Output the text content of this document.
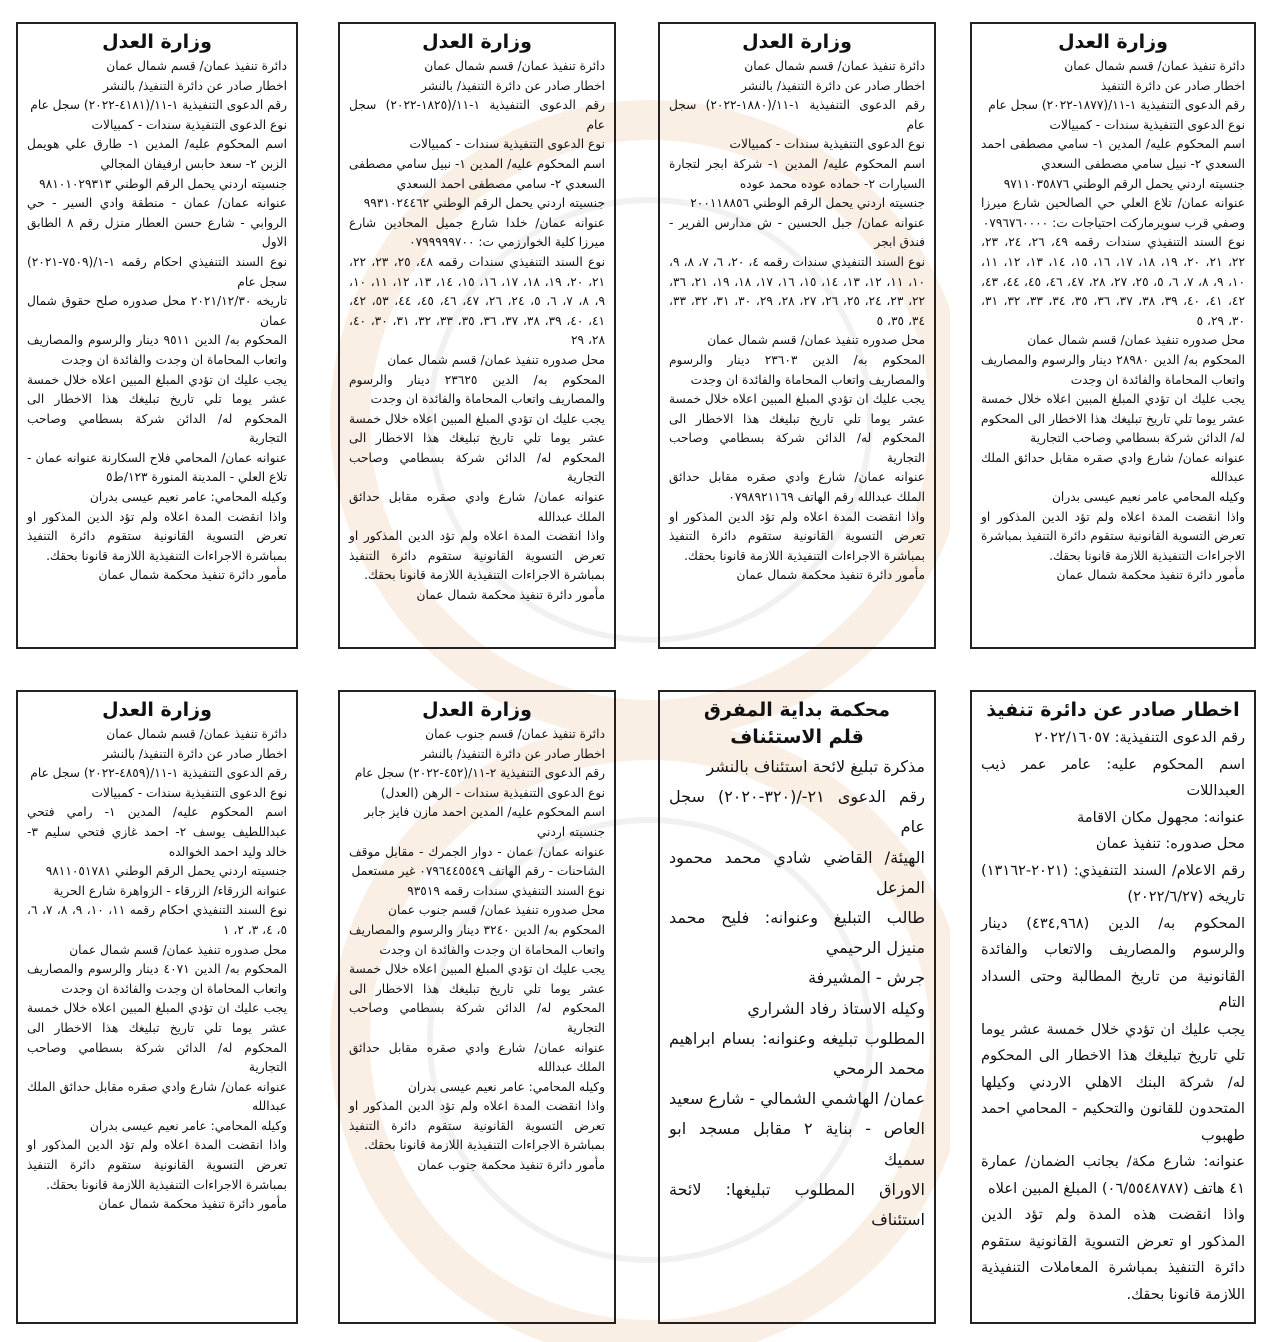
وزارة العدل
دائرة تنفيذ عمان/ قسم شمال عمان
اخطار صادر عن دائرة التنفيذ
رقم الدعوى التنفيذية ١-١١/(١٨٧٧-٢٠٢٢) سجل عام
نوع الدعوى التنفيذية سندات - كمبيالات
اسم المحكوم عليه/ المدين ١- سامي مصطفى احمد السعدي ٢- نبيل سامي مصطفى السعدي
جنسيته اردني يحمل الرقم الوطني ٩٧١١٠٣٥٨٧٦
عنوانه عمان/ تلاع العلي حي الصالحين شارع ميرزا وصفي قرب سويرماركت احتياجات ت: ٠٧٩٦٧٦٠٠٠٠
نوع السند التنفيذي سندات رقمه ٤٩، ٢٦، ٢٤، ٢٣، ٢٢، ٢١، ٢٠، ١٩، ١٨، ١٧، ١٦، ١٥، ١٤، ١٣، ١٢، ١١، ١٠، ٩، ٨، ٧، ٦، ٥، ٢٥، ٢٧، ٢٨، ٤٧، ٤٦، ٤٥، ٤٤، ٤٣، ٤٢، ٤١، ٤٠، ٣٩، ٣٨، ٣٧، ٣٦، ٣٥، ٣٤، ٣٣، ٣٢، ٣١، ٣٠، ٢٩، ٥
محل صدوره تنفيذ عمان/ قسم شمال عمان
المحكوم به/ الدين ٢٨٩٨٠ دينار والرسوم والمصاريف واتعاب المحاماة والفائدة ان وجدت
يجب عليك ان تؤدي المبلغ المبين اعلاه خلال خمسة عشر يوما تلي تاريخ تبليغك هذا الاخطار الى المحكوم له/ الدائن شركة بسطامي وصاحب التجارية
عنوانه عمان/ شارع وادي صقره مقابل حدائق الملك عبدالله
وكيله المحامي عامر نعيم عيسى بدران
واذا انقضت المدة اعلاه ولم تؤد الدين المذكور او تعرض التسوية القانونية ستقوم دائرة التنفيذ بمباشرة الاجراءات التنفيذية اللازمة قانونا بحقك.
مأمور دائرة تنفيذ محكمة شمال عمان
وزارة العدل
دائرة تنفيذ عمان/ قسم شمال عمان
اخطار صادر عن دائرة التنفيذ/ بالنشر
رقم الدعوى التنفيذية ١-١١/(١٨٨٠-٢٠٢٢) سجل عام
نوع الدعوى التنفيذية سندات - كمبيالات
اسم المحكوم عليه/ المدين ١- شركة ابجر لتجارة السيارات ٢- حماده عوده محمد عوده
جنسيته اردني يحمل الرقم الوطني ٢٠٠١١٨٨٥٦
عنوانه عمان/ جبل الحسين - ش مدارس الفرير - فندق ابجر
نوع السند التنفيذي سندات رقمه ٤، ٢٠، ٦، ٧، ٨، ٩، ١٠، ١١، ١٢، ١٣، ١٤، ١٥، ١٦، ١٧، ١٨، ١٩، ٢١، ٣٦، ٢٢، ٢٣، ٢٤، ٢٥، ٢٦، ٢٧، ٢٨، ٢٩، ٣٠، ٣١، ٣٢، ٣٣، ٣٤، ٣٥، ٥
محل صدوره تنفيذ عمان/ قسم شمال عمان
المحكوم به/ الدين ٢٣٦٠٣ دينار والرسوم والمصاريف واتعاب المحاماة والفائدة ان وجدت
يجب عليك ان تؤدي المبلغ المبين اعلاه خلال خمسة عشر يوما تلي تاريخ تبليغك هذا الاخطار الى المحكوم له/ الدائن شركة بسطامي وصاحب التجارية
عنوانه عمان/ شارع وادي صقره مقابل حدائق الملك عبدالله رقم الهاتف ٠٧٩٨٩٢١١٦٩
واذا انقضت المدة اعلاه ولم تؤد الدين المذكور او تعرض التسوية القانونية ستقوم دائرة التنفيذ بمباشرة الاجراءات التنفيذية اللازمة قانونا بحقك.
مأمور دائرة تنفيذ محكمة شمال عمان
وزارة العدل
دائرة تنفيذ عمان/ قسم شمال عمان
اخطار صادر عن دائرة التنفيذ/ بالنشر
رقم الدعوى التنفيذية ١-١١/(١٨٢٥-٢٠٢٢) سجل عام
نوع الدعوى التنفيذية سندات - كمبيالات
اسم المحكوم عليه/ المدين ١- نبيل سامي مصطفى السعدي ٢- سامي مصطفى احمد السعدي
جنسيته اردني يحمل الرقم الوطني ٩٩٣١٠٢٤٤٦٢
عنوانه عمان/ خلدا شارع جميل المحادين شارع ميرزا كلية الخوارزمي ت: ٠٧٩٩٩٩٩٧٠٠
نوع السند التنفيذي سندات رقمه ٤٨، ٢٥، ٢٣، ٢٢، ٢١، ٢٠، ١٩، ١٨، ١٧، ١٦، ١٥، ١٤، ١٣، ١٢، ١١، ١٠، ٩، ٨، ٧، ٦، ٥، ٢٤، ٢٦، ٤٧، ٤٦، ٤٥، ٤٤، ٥٣، ٤٢، ٤١، ٤٠، ٣٩، ٣٨، ٣٧، ٣٦، ٣٥، ٣٣، ٣٢، ٣١، ٣٠، ٤٠، ٢٨، ٢٩
محل صدوره تنفيذ عمان/ قسم شمال عمان
المحكوم به/ الدين ٢٣٦٢٥ دينار والرسوم والمصاريف واتعاب المحاماة والفائدة ان وجدت
يجب عليك ان تؤدي المبلغ المبين اعلاه خلال خمسة عشر يوما تلي تاريخ تبليغك هذا الاخطار الى المحكوم له/ الدائن شركة بسطامي وصاحب التجارية
عنوانه عمان/ شارع وادي صقره مقابل حدائق الملك عبدالله
واذا انقضت المدة اعلاه ولم تؤد الدين المذكور او تعرض التسوية القانونية ستقوم دائرة التنفيذ بمباشرة الاجراءات التنفيذية اللازمة قانونا بحقك.
مأمور دائرة تنفيذ محكمة شمال عمان
وزارة العدل
دائرة تنفيذ عمان/ قسم شمال عمان
اخطار صادر عن دائرة التنفيذ/ بالنشر
رقم الدعوى التنفيذية ١-١١/(٤١٨١-٢٠٢٢) سجل عام
نوع الدعوى التنفيذية سندات - كمبيالات
اسم المحكوم عليه/ المدين ١- طارق علي هويمل الزبن ٢- سعد حابس ارفيفان المجالي
جنسيته اردني يحمل الرقم الوطني ٩٨١٠١٠٢٩٣١٣
عنوانه عمان/ عمان - منطقة وادي السير - حي الروابي - شارع حسن العطار منزل رقم ٨ الطابق الاول
نوع السند التنفيذي احكام رقمه ١-١/(٧٥٠٩-٢٠٢١) سجل عام
تاريخه ٢٠٢١/١٢/٣٠ محل صدوره صلح حقوق شمال عمان
المحكوم به/ الدين ٩٥١١ دينار والرسوم والمصاريف واتعاب المحاماة ان وجدت والفائدة ان وجدت
يجب عليك ان تؤدي المبلغ المبين اعلاه خلال خمسة عشر يوما تلي تاريخ تبليغك هذا الاخطار الى المحكوم له/ الدائن شركة بسطامي وصاحب التجارية
عنوانه عمان/ المحامي فلاح السكارنة عنوانه عمان - تلاع العلي - المدينة المنورة ١٢٣/ط٥
وكيله المحامي: عامر نعيم عيسى بدران
واذا انقضت المدة اعلاه ولم تؤد الدين المذكور او تعرض التسوية القانونية ستقوم دائرة التنفيذ بمباشرة الاجراءات التنفيذية اللازمة قانونا بحقك.
مأمور دائرة تنفيذ محكمة شمال عمان
اخطار صادر عن دائرة تنفيذ
رقم الدعوى التنفيذية: ٢٠٢٢/١٦٠٥٧
اسم المحكوم عليه: عامر عمر ذيب العبداللات
عنوانه: مجهول مكان الاقامة
محل صدوره: تنفيذ عمان
رقم الاعلام/ السند التنفيذي: (٢٠٢١-١٣١٦٢) تاريخه (٢٠٢٢/٦/٢٧)
المحكوم به/ الدين (٤٣٤,٩٦٨) دينار والرسوم والمصاريف والاتعاب والفائدة القانونية من تاريخ المطالبة وحتى السداد التام
يجب عليك ان تؤدي خلال خمسة عشر يوما تلي تاريخ تبليغك هذا الاخطار الى المحكوم له/ شركة البنك الاهلي الاردني وكيلها المتحدون للقانون والتحكيم - المحامي احمد طهبوب
عنوانه: شارع مكة/ بجانب الضمان/ عمارة ٤١ هاتف (٠٦/٥٥٤٨٧٨٧) المبلغ المبين اعلاه
واذا انقضت هذه المدة ولم تؤد الدين المذكور او تعرض التسوية القانونية ستقوم دائرة التنفيذ بمباشرة المعاملات التنفيذية اللازمة قانونا بحقك.
محكمة بداية المفرق
قلم الاستئناف
مذكرة تبليغ لائحة استئناف بالنشر
رقم الدعوى ٢١-/(٣٢٠-٢٠٢٠) سجل عام
الهيئة/ القاضي شادي محمد محمود المزعل
طالب التبليغ وعنوانه: فليح محمد منيزل الرحيمي
جرش - المشيرفة
وكيله الاستاذ رفاد الشراري
المطلوب تبليغه وعنوانه: بسام ابراهيم محمد الرمحي
عمان/ الهاشمي الشمالي - شارع سعيد العاص - بناية ٢ مقابل مسجد ابو سميك
الاوراق المطلوب تبليغها: لائحة استئناف
وزارة العدل
دائرة تنفيذ عمان/ قسم جنوب عمان
اخطار صادر عن دائرة التنفيذ/ بالنشر
رقم الدعوى التنفيذية ٢-١١/(٤٥٢-٢٠٢٢) سجل عام
نوع الدعوى التنفيذية سندات - الرهن (العدل)
اسم المحكوم عليه/ المدين احمد مازن فايز جابر
جنسيته اردني
عنوانه عمان/ عمان - دوار الجمرك - مقابل موقف الشاحنات - رقم الهاتف ٠٧٩٦٤٤٥٥٤٩ غير مستعمل
نوع السند التنفيذي سندات رقمه ٩٣٥١٩
محل صدوره تنفيذ عمان/ قسم جنوب عمان
المحكوم به/ الدين ٣٢٤٠ دينار والرسوم والمصاريف واتعاب المحاماة ان وجدت والفائدة ان وجدت
يجب عليك ان تؤدي المبلغ المبين اعلاه خلال خمسة عشر يوما تلي تاريخ تبليغك هذا الاخطار الى المحكوم له/ الدائن شركة بسطامي وصاحب التجارية
عنوانه عمان/ شارع وادي صقره مقابل حدائق الملك عبدالله
وكيله المحامي: عامر نعيم عيسى بدران
واذا انقضت المدة اعلاه ولم تؤد الدين المذكور او تعرض التسوية القانونية ستقوم دائرة التنفيذ بمباشرة الاجراءات التنفيذية اللازمة قانونا بحقك.
مأمور دائرة تنفيذ محكمة جنوب عمان
وزارة العدل
دائرة تنفيذ عمان/ قسم شمال عمان
اخطار صادر عن دائرة التنفيذ/ بالنشر
رقم الدعوى التنفيذية ١-١١/(٤٨٥٩-٢٠٢٢) سجل عام
نوع الدعوى التنفيذية سندات - كمبيالات
اسم المحكوم عليه/ المدين ١- رامي فتحي عبداللطيف يوسف ٢- احمد غازي فتحي سليم ٣- خالد وليد احمد الخوالده
جنسيته اردني يحمل الرقم الوطني ٩٨١١٠٥١٧٨١
عنوانه الزرقاء/ الزرقاء - الزواهرة شارع الحرية
نوع السند التنفيذي احكام رقمه ١١، ١٠، ٩، ٨، ٧، ٦، ٥، ٤، ٣، ٢، ١
محل صدوره تنفيذ عمان/ قسم شمال عمان
المحكوم به/ الدين ٤٠٧١ دينار والرسوم والمصاريف واتعاب المحاماة ان وجدت والفائدة ان وجدت
يجب عليك ان تؤدي المبلغ المبين اعلاه خلال خمسة عشر يوما تلي تاريخ تبليغك هذا الاخطار الى المحكوم له/ الدائن شركة بسطامي وصاحب التجارية
عنوانه عمان/ شارع وادي صقره مقابل حدائق الملك عبدالله
وكيله المحامي: عامر نعيم عيسى بدران
واذا انقضت المدة اعلاه ولم تؤد الدين المذكور او تعرض التسوية القانونية ستقوم دائرة التنفيذ بمباشرة الاجراءات التنفيذية اللازمة قانونا بحقك.
مأمور دائرة تنفيذ محكمة شمال عمان
